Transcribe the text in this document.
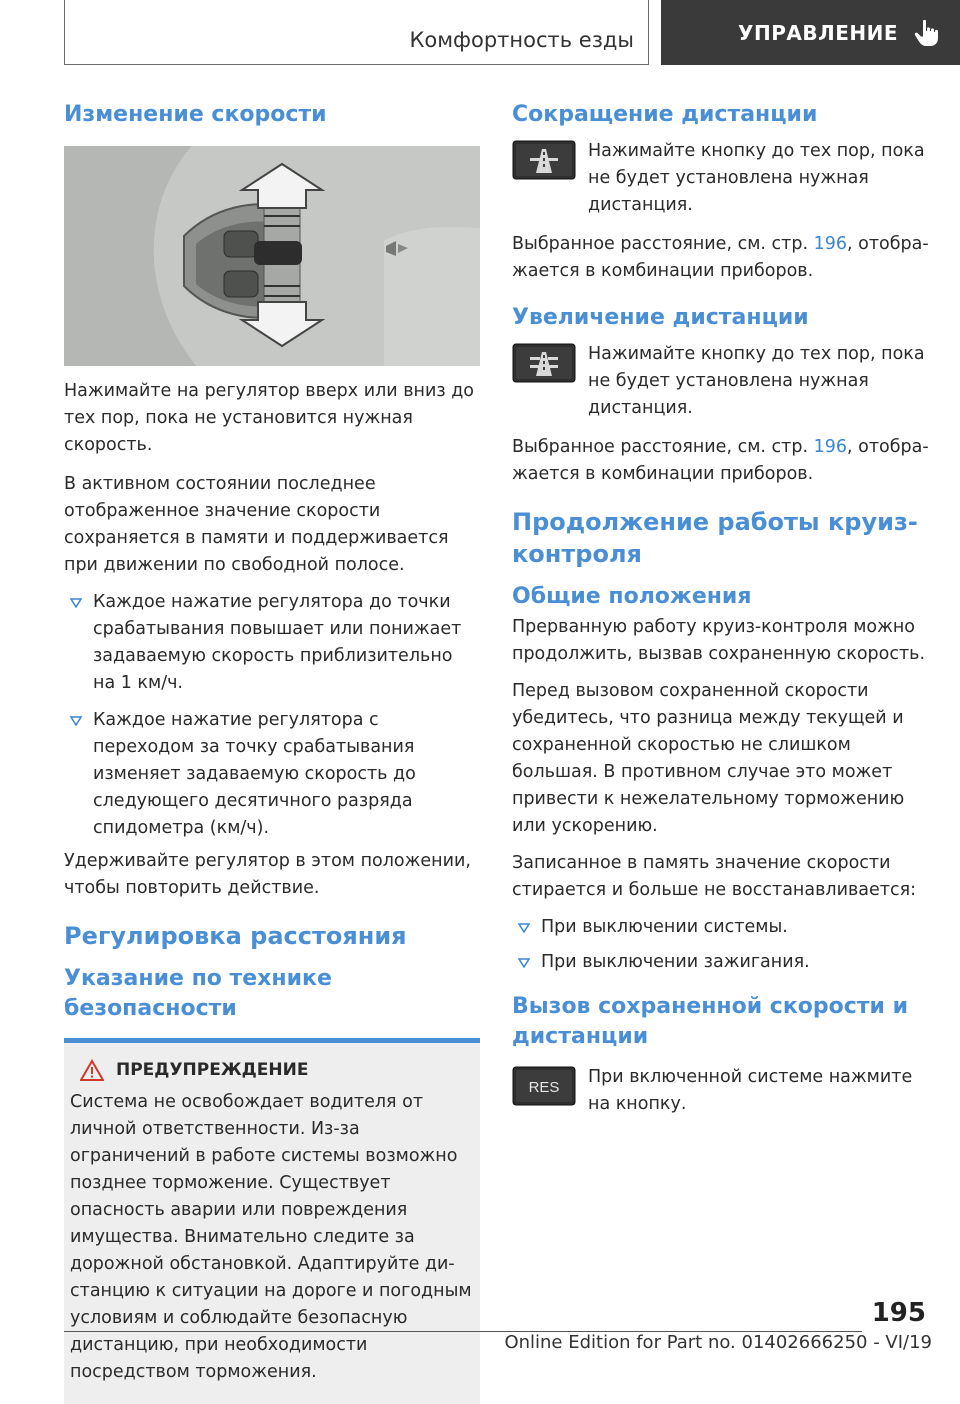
Комфортность езды	УПРАВЛЕНИЕ
Изменение скорости

Нажимайте на регулятор вверх или вниз до тех пор, пока не установится нужная скорость.

В активном состоянии последнее отображенное значение скорости сохраняется в памяти и поддерживается при движении по свободной полосе.

Каждое нажатие регулятора до точки срабатывания повышает или понижает задаваемую скорость приблизительно на 1 км/ч.
Каждое нажатие регулятора с переходом за точку срабатывания изменяет задаваемую скорость до следующего десятичного разряда спидометра (км/ч).

Удерживайте регулятор в этом положении, чтобы повторить действие.

Регулировка расстояния
Указание по технике безопасности
ПРЕДУПРЕЖДЕНИЕ
Система не освобождает водителя от личной ответственности. Из-за ограничений в работе системы возможно позднее торможение. Существует опасность аварии или повреждения имущества. Внимательно следите за дорожной обстановкой. Адаптируйте дистанцию к ситуации на дороге и погодным условиям и соблюдайте безопасную дистанцию, при необходимости посредством торможения.
Сокращение дистанции

Нажимайте кнопку до тех пор, пока не будет установлена нужная дистанция.

Выбранное расстояние, см. стр. 196, отображается в комбинации приборов.

Увеличение дистанции

Нажимайте кнопку до тех пор, пока не будет установлена нужная дистанция.

Выбранное расстояние, см. стр. 196, отображается в комбинации приборов.

Продолжение работы круиз-контроля
Общие положения

Прерванную работу круиз-контроля можно продолжить, вызвав сохраненную скорость.

Перед вызовом сохраненной скорости убедитесь, что разница между текущей и сохраненной скоростью не слишком большая. В противном случае это может привести к нежелательному торможению или ускорению.

Записанное в память значение скорости стирается и больше не восстанавливается:

При выключении системы.
При выключении зажигания.
Вызов сохраненной скорости и дистанции
RES

При включенной системе нажмите на кнопку.

195
Online Edition for Part no. 01402666250 - VI/19
